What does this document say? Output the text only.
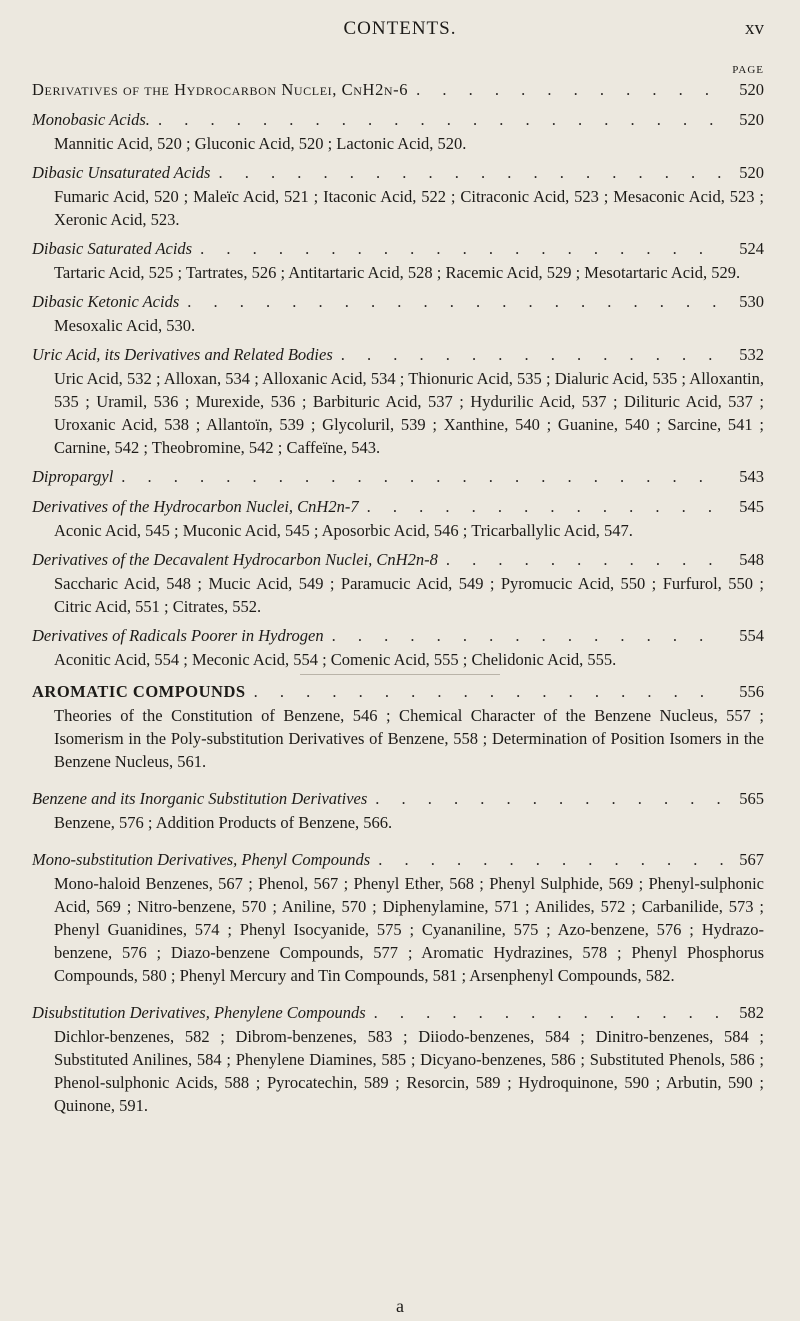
CONTENTS.	xv
PAGE
Derivatives of the Hydrocarbon Nuclei, CnH2n-6 . . .	520
Monobasic Acids. . . .	520
Mannitic Acid, 520 ; Gluconic Acid, 520 ; Lactonic Acid, 520.
Dibasic Unsaturated Acids . . .	520
Fumaric Acid, 520 ; Maleïc Acid, 521 ; Itaconic Acid, 522 ; Citraconic Acid, 523 ; Mesaconic Acid, 523 ; Xeronic Acid, 523.
Dibasic Saturated Acids . . .	524
Tartaric Acid, 525 ; Tartrates, 526 ; Antitartaric Acid, 528 ; Racemic Acid, 529 ; Mesotartaric Acid, 529.
Dibasic Ketonic Acids . . .	530
Mesoxalic Acid, 530.
Uric Acid, its Derivatives and Related Bodies . . .	532
Uric Acid, 532 ; Alloxan, 534 ; Alloxanic Acid, 534 ; Thionuric Acid, 535 ; Dialuric Acid, 535 ; Alloxantin, 535 ; Uramil, 536 ; Murexide, 536 ; Barbituric Acid, 537 ; Hydurilic Acid, 537 ; Dilituric Acid, 537 ; Uroxanic Acid, 538 ; Allantoïn, 539 ; Glycoluril, 539 ; Xanthine, 540 ; Guanine, 540 ; Sarcine, 541 ; Carnine, 542 ; Theobromine, 542 ; Caffeïne, 543.
Dipropargyl . . .	543
Derivatives of the Hydrocarbon Nuclei, CnH2n-7 . . .	545
Aconic Acid, 545 ; Muconic Acid, 545 ; Aposorbic Acid, 546 ; Tricarballylic Acid, 547.
Derivatives of the Decavalent Hydrocarbon Nuclei, CnH2n-8 . . .	548
Saccharic Acid, 548 ; Mucic Acid, 549 ; Paramucic Acid, 549 ; Pyromucic Acid, 550 ; Furfurol, 550 ; Citric Acid, 551 ; Citrates, 552.
Derivatives of Radicals Poorer in Hydrogen . . .	554
Aconitic Acid, 554 ; Meconic Acid, 554 ; Comenic Acid, 555 ; Chelidonic Acid, 555.
AROMATIC COMPOUNDS . . .	556
Theories of the Constitution of Benzene, 546 ; Chemical Character of the Benzene Nucleus, 557 ; Isomerism in the Poly-substitution Derivatives of Benzene, 558 ; Determination of Position Isomers in the Benzene Nucleus, 561.
Benzene and its Inorganic Substitution Derivatives . . .	565
Benzene, 576 ; Addition Products of Benzene, 566.
Mono-substitution Derivatives, Phenyl Compounds . . .	567
Mono-haloid Benzenes, 567 ; Phenol, 567 ; Phenyl Ether, 568 ; Phenyl Sulphide, 569 ; Phenyl-sulphonic Acid, 569 ; Nitro-benzene, 570 ; Aniline, 570 ; Diphenylamine, 571 ; Anilides, 572 ; Carbanilide, 573 ; Phenyl Guanidines, 574 ; Phenyl Isocyanide, 575 ; Cyananiline, 575 ; Azo-benzene, 576 ; Hydrazo-benzene, 576 ; Diazo-benzene Compounds, 577 ; Aromatic Hydrazines, 578 ; Phenyl Phosphorus Compounds, 580 ; Phenyl Mercury and Tin Compounds, 581 ; Arsenphenyl Compounds, 582.
Disubstitution Derivatives, Phenylene Compounds . . .	582
Dichlor-benzenes, 582 ; Dibrom-benzenes, 583 ; Diiodo-benzenes, 584 ; Dinitro-benzenes, 584 ; Substituted Anilines, 584 ; Phenylene Diamines, 585 ; Dicyano-benzenes, 586 ; Substituted Phenols, 586 ; Phenol-sulphonic Acids, 588 ; Pyrocatechin, 589 ; Resorcin, 589 ; Hydroquinone, 590 ; Arbutin, 590 ; Quinone, 591.
a
